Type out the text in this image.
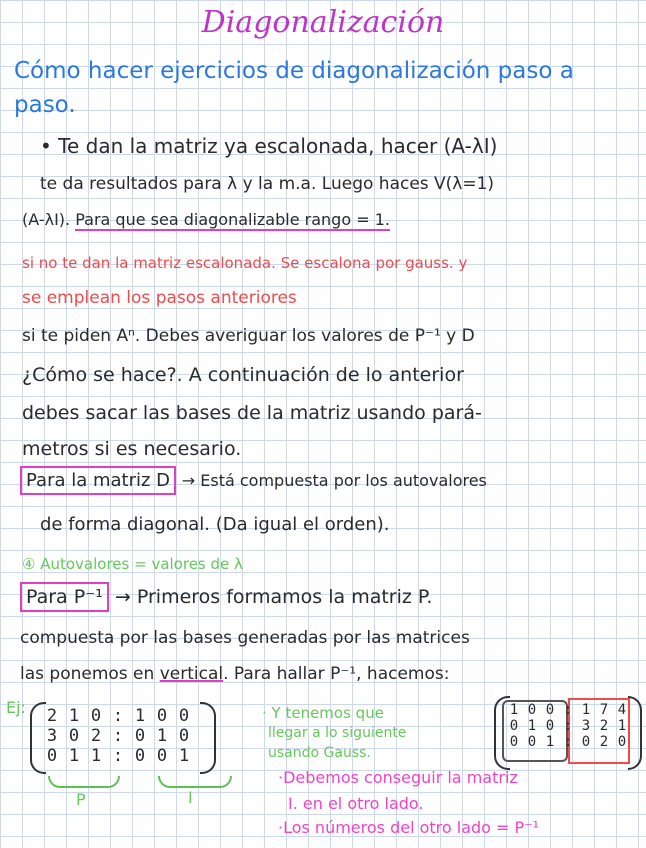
Diagonalización
Cómo hacer ejercicios de diagonalización paso a
paso.
• Te dan la matriz ya escalonada, hacer (A-λI)
te da resultados para λ y la m.a. Luego haces V(λ=1)
(A-λI). Para que sea diagonalizable rango = 1.
si no te dan la matriz escalonada. Se escalona por gauss. y
se emplean los pasos anteriores
si te piden Aⁿ. Debes averiguar los valores de P⁻¹ y D
¿Cómo se hace?. A continuación de lo anterior
debes sacar las bases de la matriz usando pará-
metros si es necesario.
Para la matriz D → Está compuesta por los autovalores
de forma diagonal. (Da igual el orden).
④ Autovalores = valores de λ
Para P⁻¹ → Primeros formamos la matriz P.
compuesta por las bases generadas por las matrices
las ponemos en vertical. Para hallar P⁻¹, hacemos:
Ej: 2 1 0 : 1 0 0
3 0 2 : 0 1 0
0 1 1 : 0 0 1
P	I
· Y tenemos que
llegar a lo siguiente
usando Gauss.
1 0 0 : 1 7 4
0 1 0 : 3 2 1
0 0 1 : 0 2 0
·Debemos conseguir la matriz
I. en el otro lado.
·Los números del otro lado = P⁻¹
